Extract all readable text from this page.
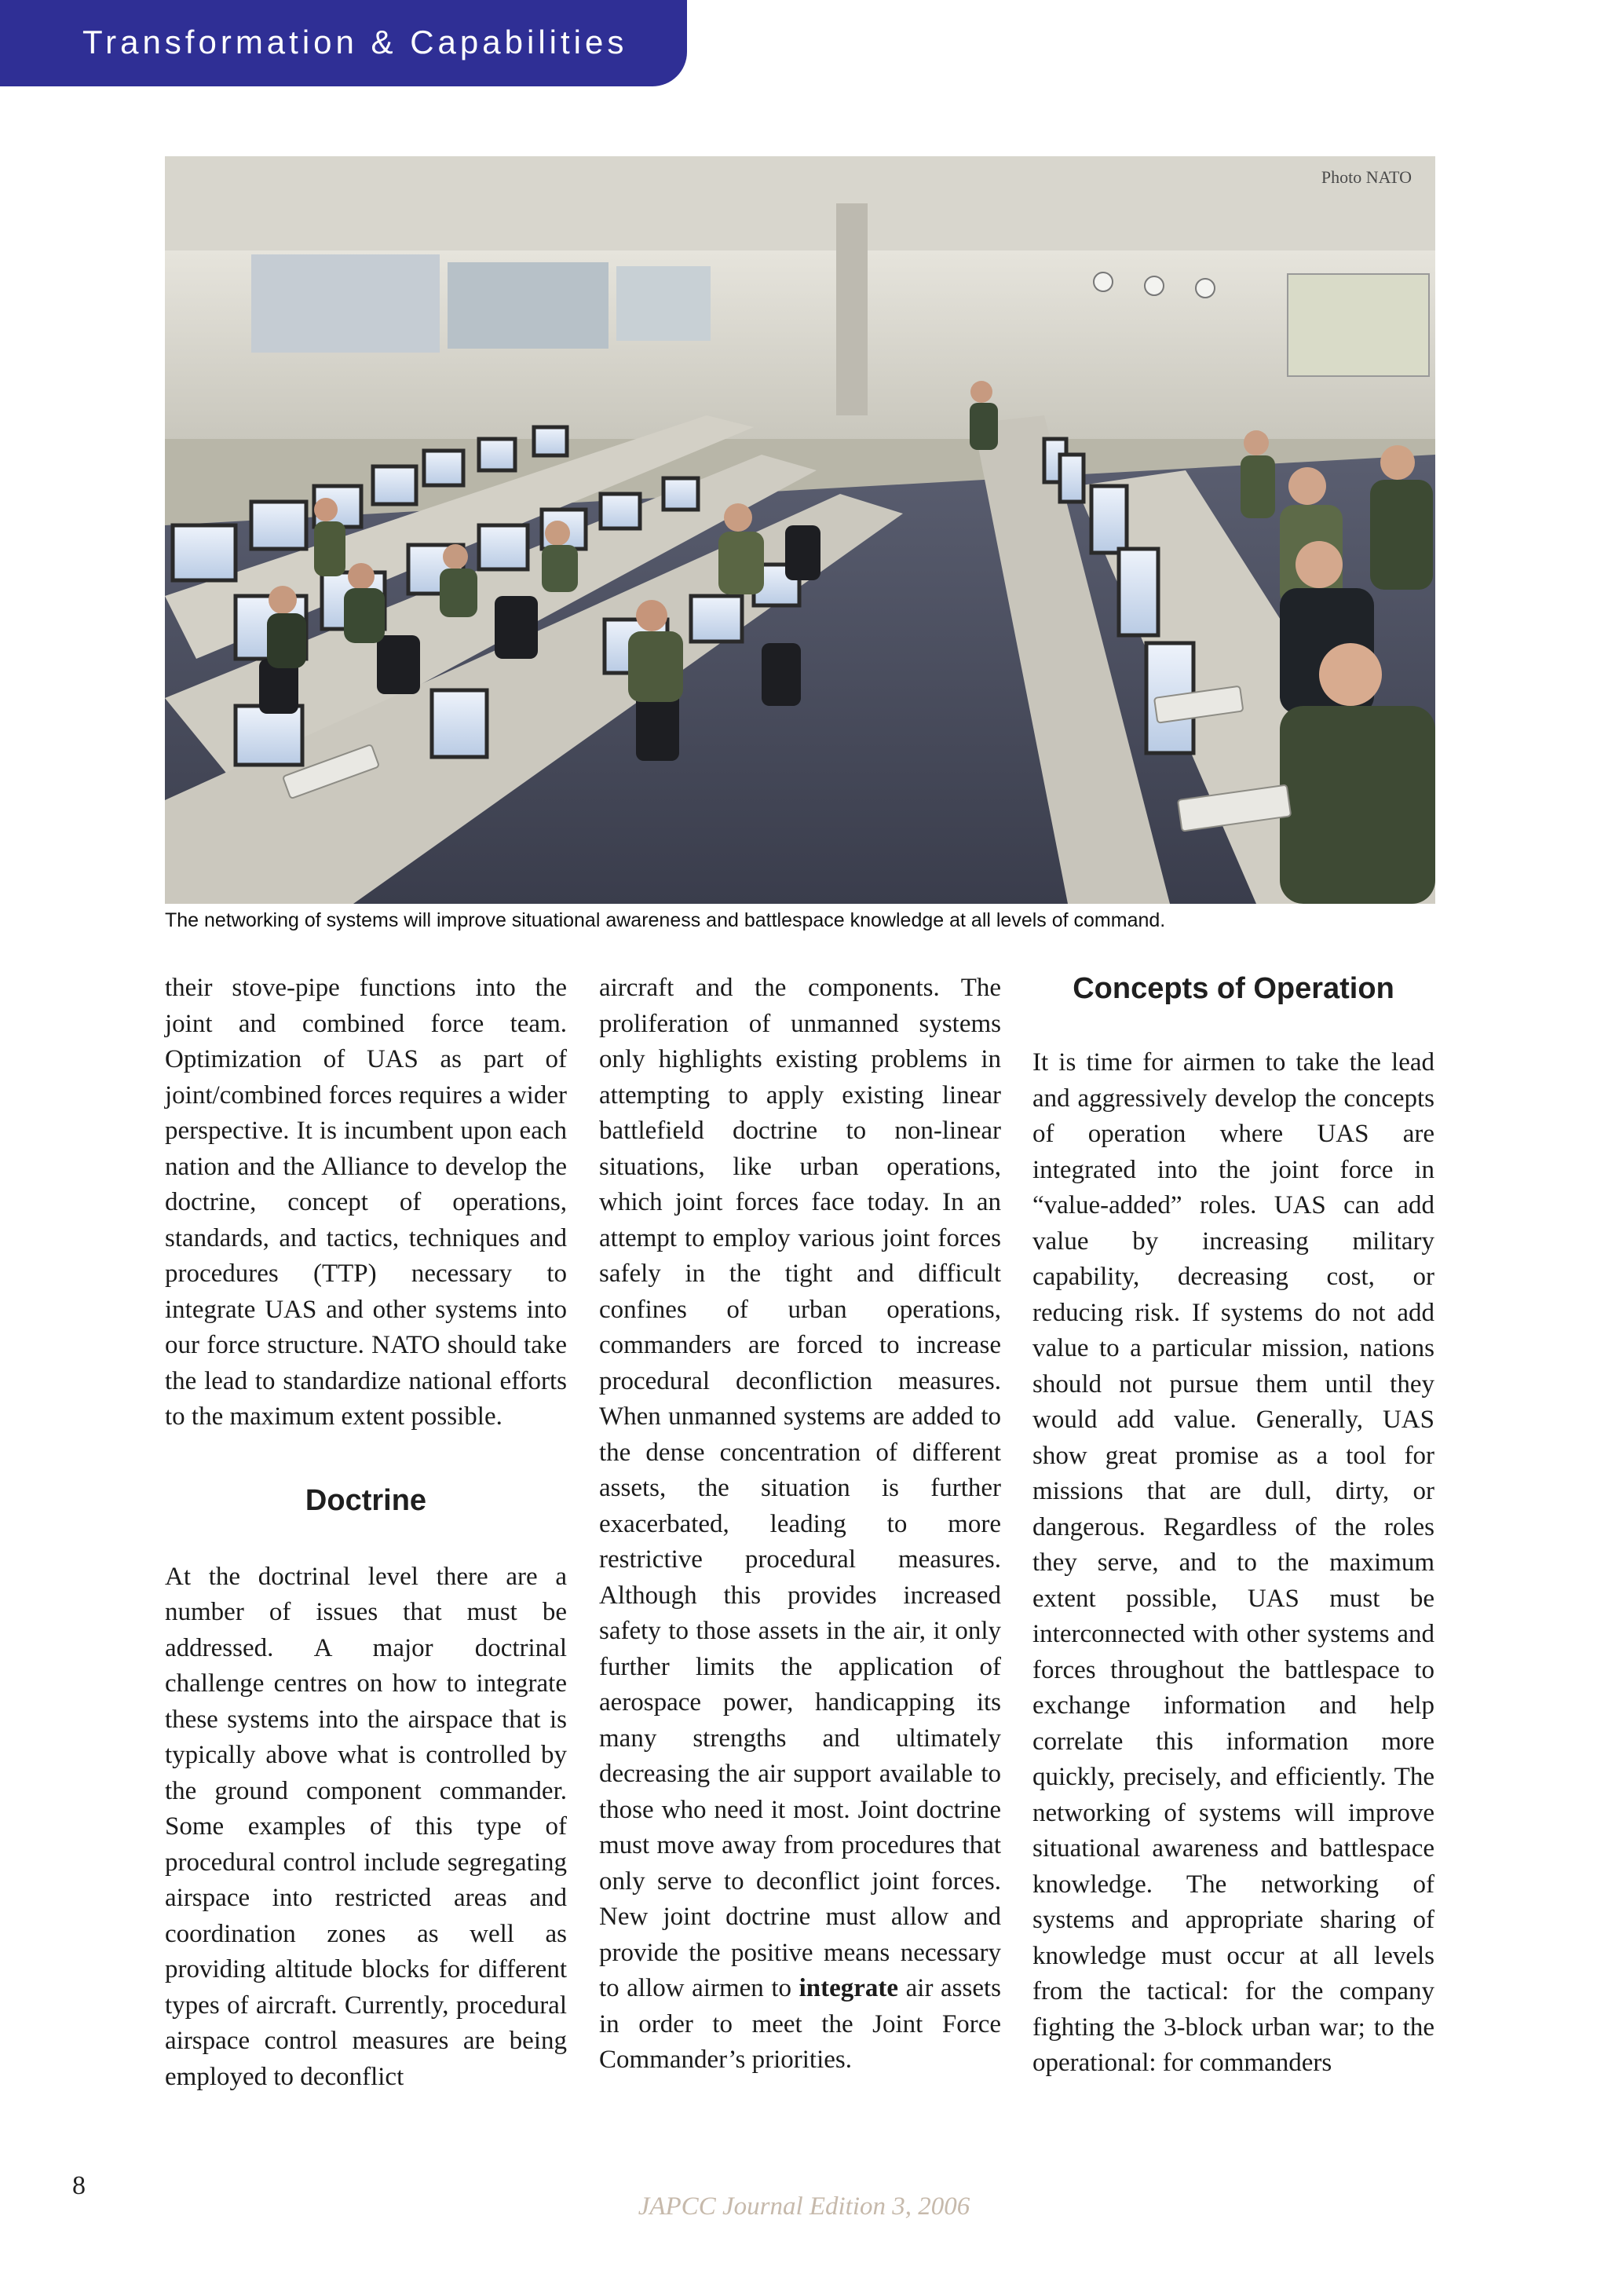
Transformation & Capabilities
Photo NATO
The networking of systems will improve situational awareness and battlespace knowledge at all levels of command.

their stove-pipe functions into the joint and combined force team. Optimization of UAS as part of joint/combined forces requires a wider perspective. It is incumbent upon each nation and the Alliance to develop the doctrine, concept of operations, standards, and tactics, techniques and procedures (TTP) necessary to integrate UAS and other systems into our force structure. NATO should take the lead to standardize national efforts to the maximum extent possible.

Doctrine

At the doctrinal level there are a number of issues that must be addressed. A major doctrinal challenge centres on how to integrate these systems into the airspace that is typically above what is controlled by the ground component commander. Some examples of this type of procedural control include segregating airspace into restricted areas and coordination zones as well as providing altitude blocks for different types of aircraft. Currently, procedural airspace control measures are being employed to deconflict

aircraft and the components. The proliferation of unmanned systems only highlights existing problems in attempting to apply existing linear battlefield doctrine to non-linear situations, like urban operations, which joint forces face today. In an attempt to employ various joint forces safely in the tight and difficult confines of urban operations, commanders are forced to increase procedural deconfliction measures. When unmanned systems are added to the dense concentration of different assets, the situation is further exacerbated, leading to more restrictive procedural measures. Although this provides increased safety to those assets in the air, it only further limits the application of aerospace power, handicapping its many strengths and ultimately decreasing the air support available to those who need it most. Joint doctrine must move away from procedures that only serve to deconflict joint forces. New joint doctrine must allow and provide the positive means necessary to allow airmen to integrate air assets in order to meet the Joint Force Commander’s priorities.

Concepts of Operation

It is time for airmen to take the lead and aggressively develop the concepts of operation where UAS are integrated into the joint force in “value-added” roles. UAS can add value by increasing military capability, decreasing cost, or reducing risk. If systems do not add value to a particular mission, nations should not pursue them until they would add value. Generally, UAS show great promise as a tool for missions that are dull, dirty, or dangerous. Regardless of the roles they serve, and to the maximum extent possible, UAS must be interconnected with other systems and forces throughout the battlespace to exchange information and help correlate this information more quickly, precisely, and efficiently. The networking of systems will improve situational awareness and battlespace knowledge. The networking of systems and appropriate sharing of knowledge must occur at all levels from the tactical: for the company fighting the 3-block urban war; to the operational: for commanders

8
JAPCC Journal Edition 3, 2006
